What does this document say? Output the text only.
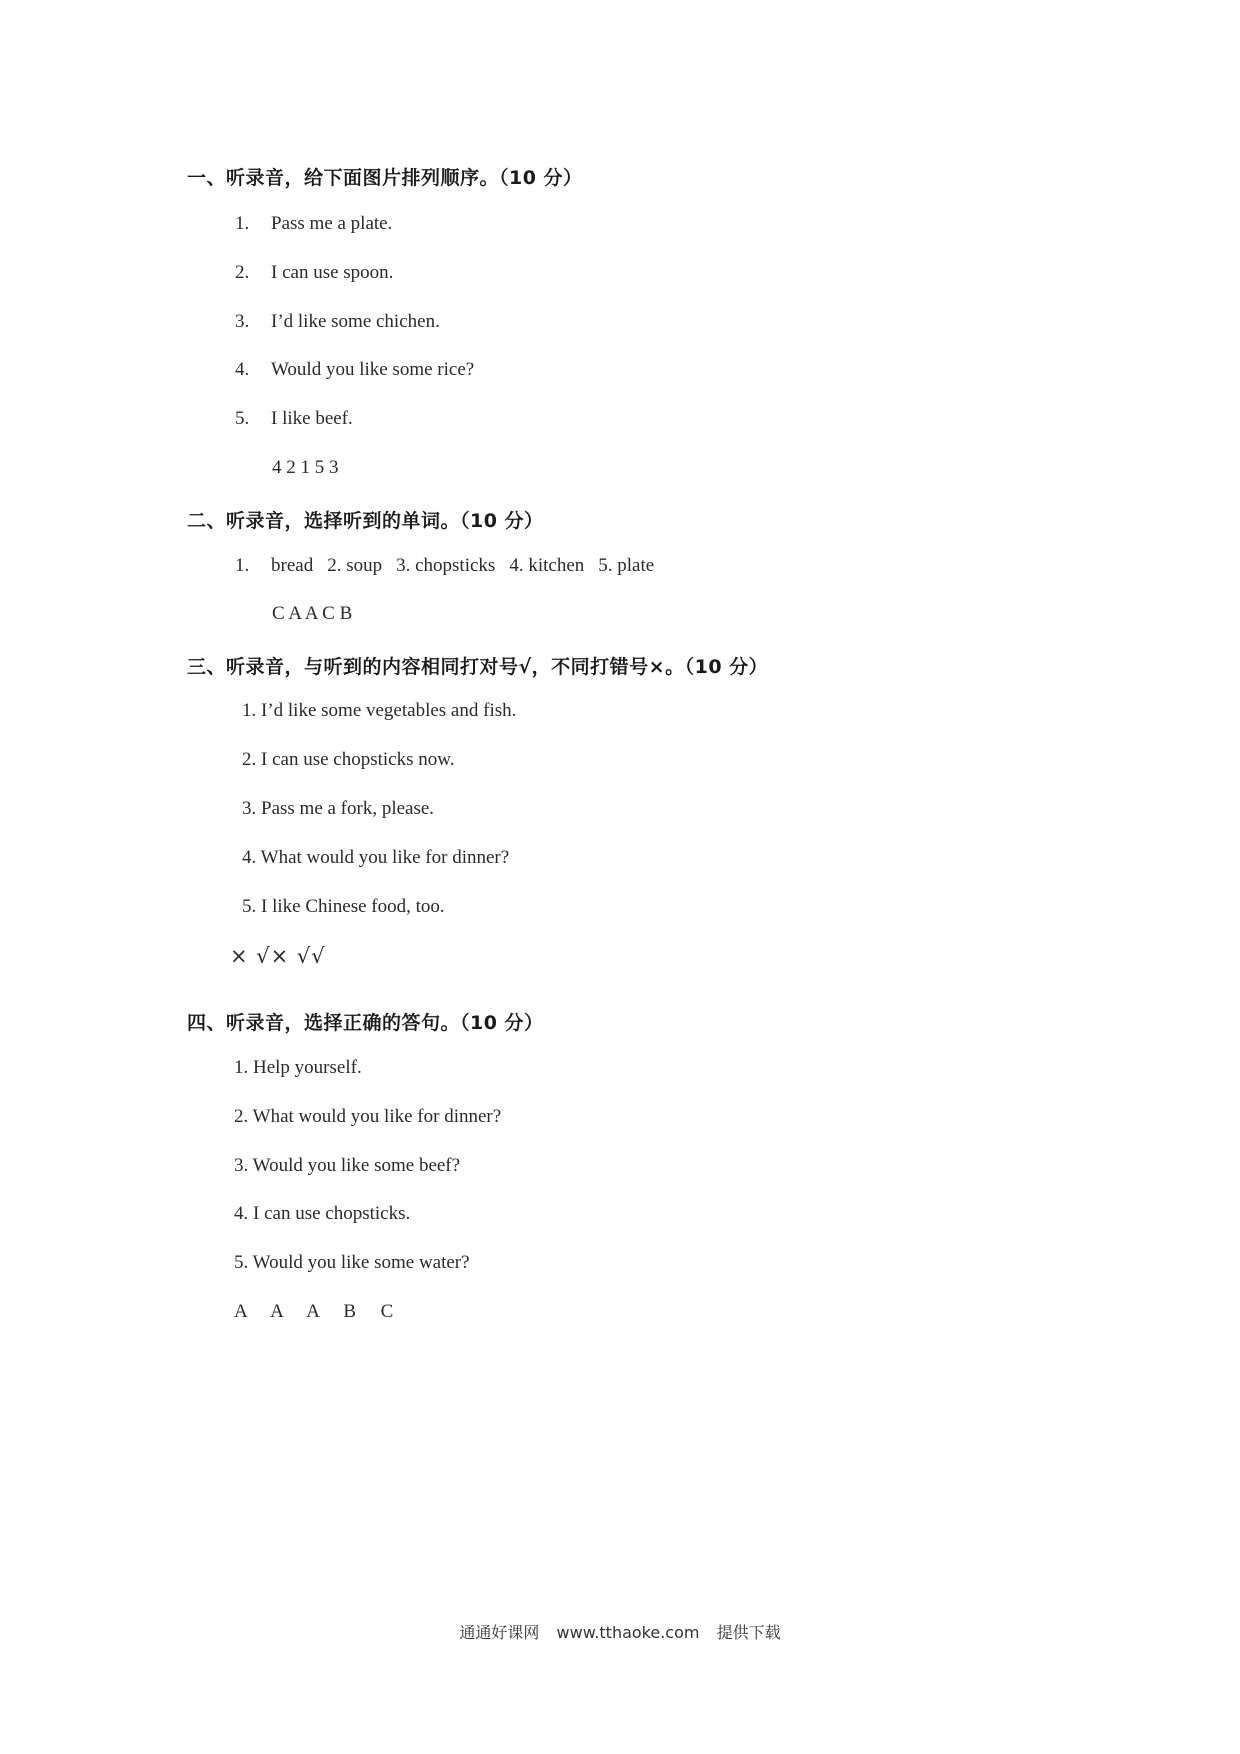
一、听录音，给下面图片排列顺序。（10 分）
1. Pass me a plate.
2. I can use spoon.
3. I’d like some chichen.
4. Would you like some rice?
5. I like beef.
4 2 1 5 3
二、听录音，选择听到的单词。（10 分）
1. bread 2. soup 3. chopsticks 4. kitchen 5. plate
C A A C B
三、听录音，与听到的内容相同打对号√，不同打错号×。（10 分）
1. I’d like some vegetables and fish.
2. I can use chopsticks now.
3. Pass me a fork, please.
4. What would you like for dinner?
5. I like Chinese food, too.
× √× √√
四、听录音，选择正确的答句。（10 分）
1. Help yourself.
2. What would you like for dinner?
3. Would you like some beef?
4. I can use chopsticks.
5. Would you like some water?
A  A  A  B  C
通通好课网 www.tthaoke.com 提供下载
